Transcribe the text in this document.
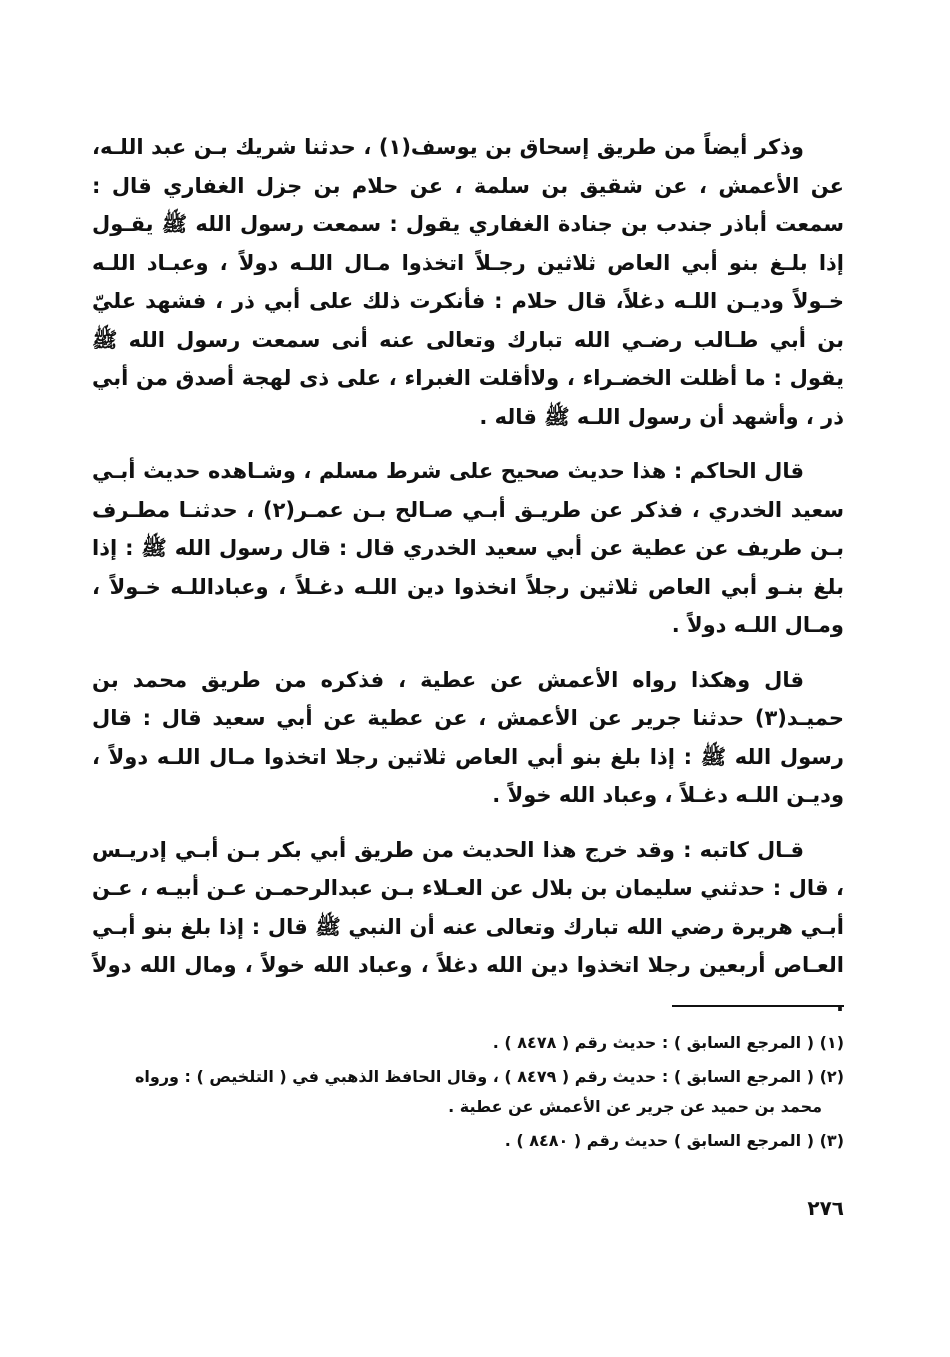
وذكر أيضاً من طريق إسحاق بن يوسف(١) ، حدثنا شريك بـن عبد اللـه، عن الأعمش ، عن شقيق بن سلمة ، عن حلام بن جزل الغفاري قال : سمعت أباذر جندب بن جنادة الغفاري يقول : سمعت رسول الله ﷺ يقـول إذا بلـغ بنو أبي العاص ثلاثين رجـلاً اتخذوا مـال اللـه دولاً ، وعبـاد اللـه خـولاً وديـن اللـه دغلاً، قال حلام : فأنكرت ذلك على أبي ذر ، فشهد عليّ بن أبي طـالب رضـي الله تبارك وتعالى عنه أنى سمعت رسول الله ﷺ يقول : ما أظلت الخضـراء ، ولاأقلت الغبراء ، على ذى لهجة أصدق من أبي ذر ، وأشهد أن رسول اللـه ﷺ قاله .

قال الحاكم : هذا حديث صحيح على شرط مسلم ، وشـاهده حديث أبـي سعيد الخدري ، فذكر عن طريـق أبـي صـالح بـن عمـر(٢) ، حدثنـا مطـرف بـن طريف عن عطية عن أبي سعيد الخدري قال : قال رسول الله ﷺ : إذا بلغ بنـو أبي العاص ثلاثين رجلاً انخذوا دين اللـه دغـلاً ، وعباداللـه خـولاً ، ومـال اللـه دولاً .

قال وهكذا رواه الأعمش عن عطية ، فذكره من طريق محمد بن حميـد(٣) حدثنا جرير عن الأعمش ، عن عطية عن أبي سعيد قال : قال رسول الله ﷺ : إذا بلغ بنو أبي العاص ثلاثين رجلا اتخذوا مـال اللـه دولاً ، وديـن اللـه دغـلاً ، وعباد الله خولاً .

قـال كاتبه : وقد خرج هذا الحديث من طريق أبي بكر بـن أبـي إدريـس ، قال : حدثني سليمان بن بلال عن العـلاء بـن عبدالرحمـن عـن أبيـه ، عـن أبـي هريرة رضي الله تبارك وتعالى عنه أن النبي ﷺ قال : إذا بلغ بنو أبـي العـاص أربعين رجلا اتخذوا دين الله دغلاً ، وعباد الله خولاً ، ومال الله دولاً .

(١) ( المرجع السابق ) : حديث رقم ( ٨٤٧٨ ) .

(٢) ( المرجع السابق ) : حديث رقم ( ٨٤٧٩ ) ، وقال الحافظ الذهبي في ( التلخيص ) : ورواه
محمد بن حميد عن جرير عن الأعمش عن عطية .

(٣) ( المرجع السابق ) حديث رقم ( ٨٤٨٠ ) .

٢٧٦
